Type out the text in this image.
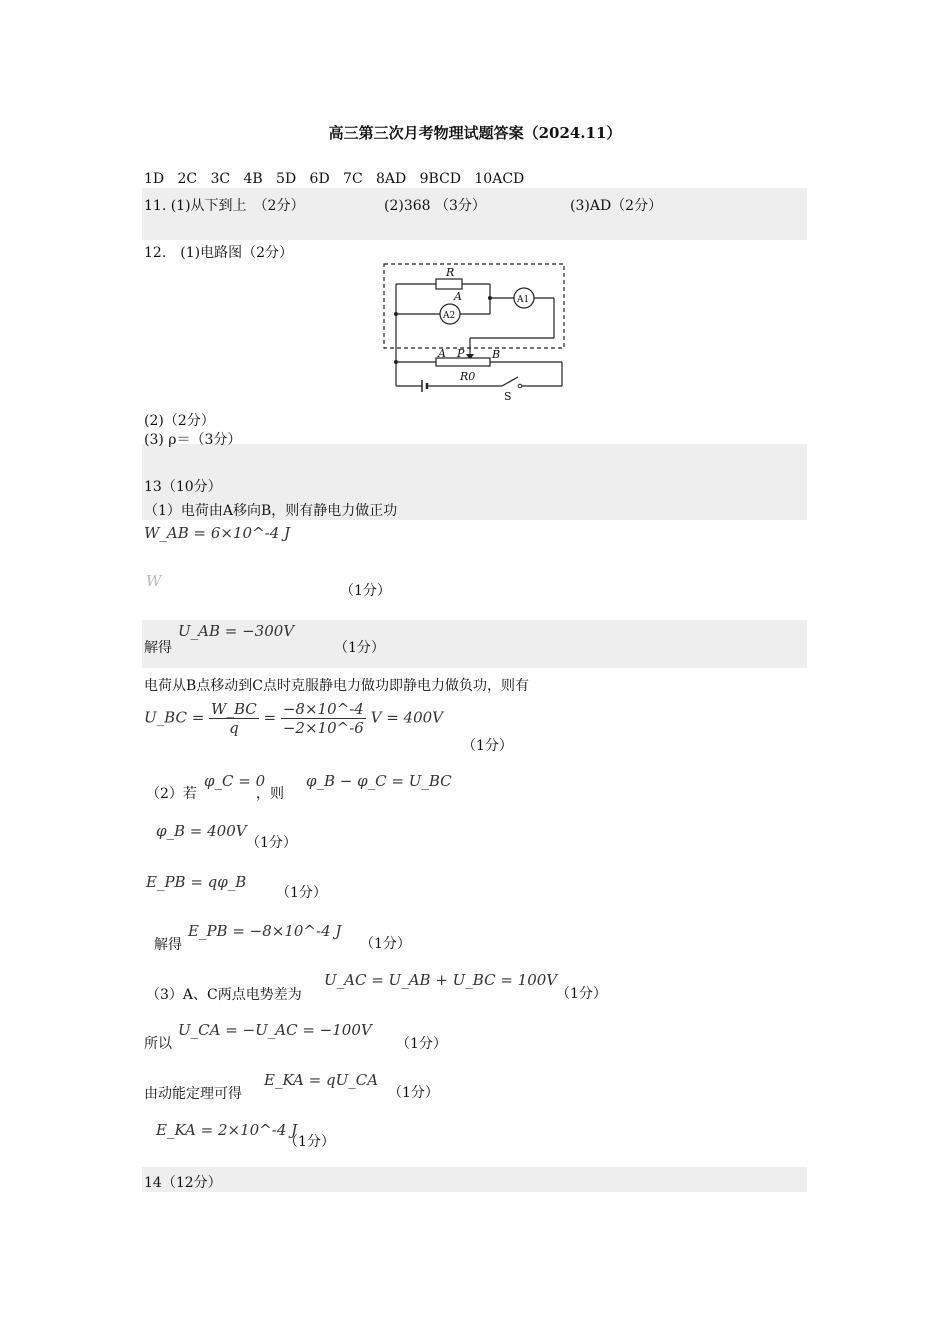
高三第三次月考物理试题答案（2024.11）
1D 2C 3C 4B 5D 6D 7C 8AD 9BCD 10ACD
11. (1)从下到上　（2分）	(2)368 （3分）	(3)AD（2分）
12.　(1)电路图（2分）
R
A	A1
A2
A P	B
R0
S
(2)（2分）
(3) ρ＝（3分）
13（10分）
（1）电荷由A移向B，则有静电力做正功
W_AB = 6×10^-4 J
W
（1分）
解得
U_AB = −300V
（1分）
电荷从B点移动到C点时克服静电力做功即静电力做负功，则有
U_BC = $\frac{W\_BC}{q} = \frac{-8\times 10\^{}-4}{-2\times 10\^{}-6}$ V = 400V
（1分）
（2）若
φ_C = 0
，则
φ_B − φ_C = U_BC
φ_B = 400V
（1分）
E_PB = qφ_B
（1分）
解得
E_PB = −8×10^-4 J
（1分）
（3）A、C两点电势差为
U_AC = U_AB + U_BC = 100V
（1分）
所以
U_CA = −U_AC = −100V
（1分）
由动能定理可得
E_KA = qU_CA
（1分）
E_KA = 2×10^-4 J
（1分）
14（12分）
